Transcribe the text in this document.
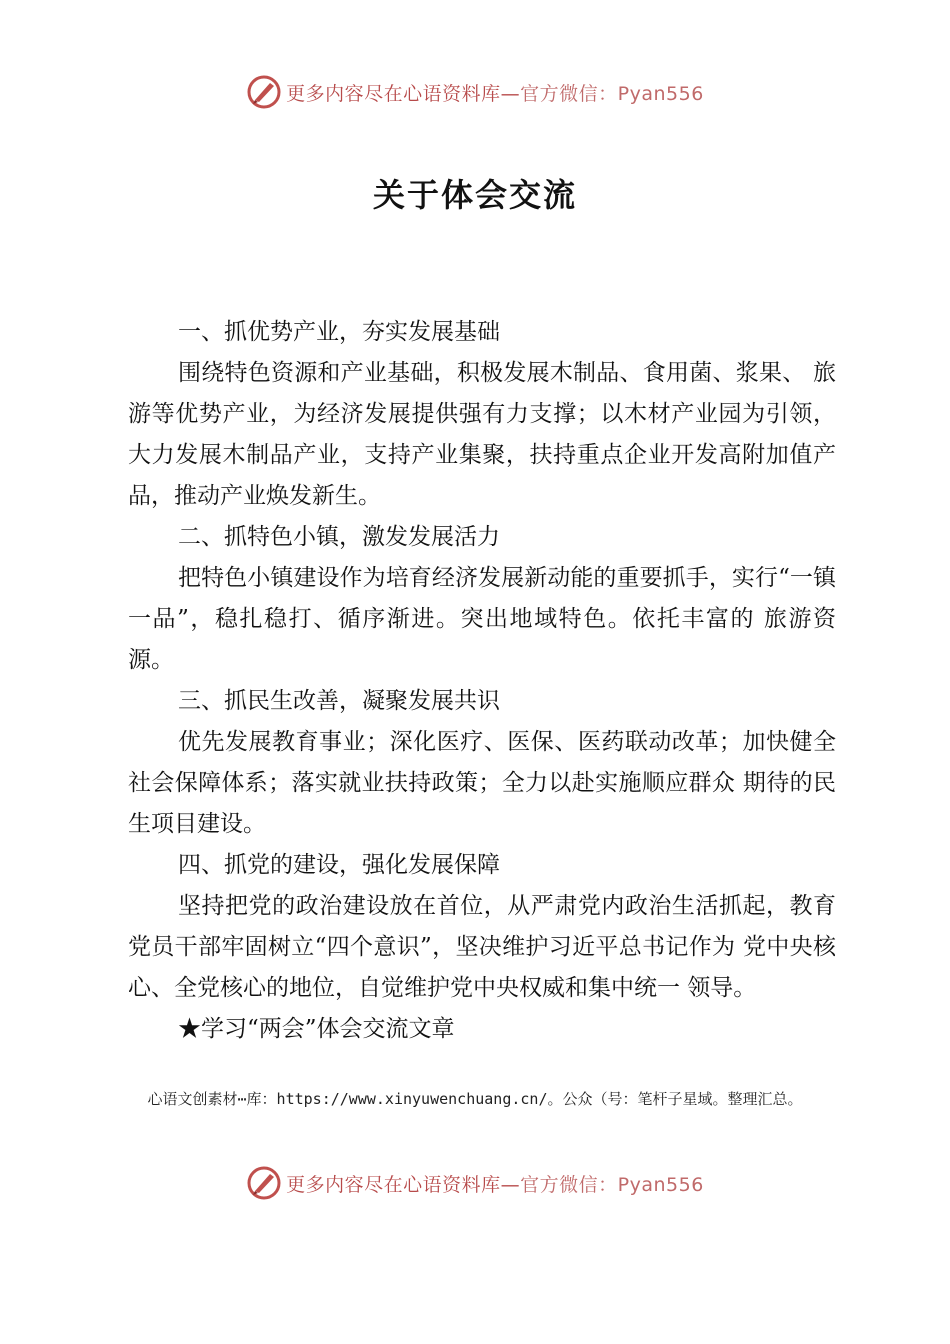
更多内容尽在心语资料库—官方微信：Pyan556
关于体会交流

一、抓优势产业，夯实发展基础

围绕特色资源和产业基础，积极发展木制品、食用菌、浆果、 旅游等优势产业，为经济发展提供强有力支撑；以木材产业园为引领，大力发展木制品产业，支持产业集聚，扶持重点企业开发高附加值产品，推动产业焕发新生。

二、抓特色小镇，激发发展活力

把特色小镇建设作为培育经济发展新动能的重要抓手，实行“一镇一品”，稳扎稳打、循序渐进。突出地域特色。依托丰富的 旅游资源。

三、抓民生改善，凝聚发展共识

优先发展教育事业；深化医疗、医保、医药联动改革；加快健全社会保障体系；落实就业扶持政策；全力以赴实施顺应群众 期待的民生项目建设。

四、抓党的建设，强化发展保障

坚持把党的政治建设放在首位，从严肃党内政治生活抓起，教育党员干部牢固树立“四个意识”，坚决维护习近平总书记作为 党中央核心、全党核心的地位，自觉维护党中央权威和集中统一 领导。

★学习“两会”体会交流文章

心语文创素材⋯库：https://www.xinyuwenchuang.cn/。公众（号：笔杆子星域。整理汇总。
更多内容尽在心语资料库—官方微信：Pyan556
